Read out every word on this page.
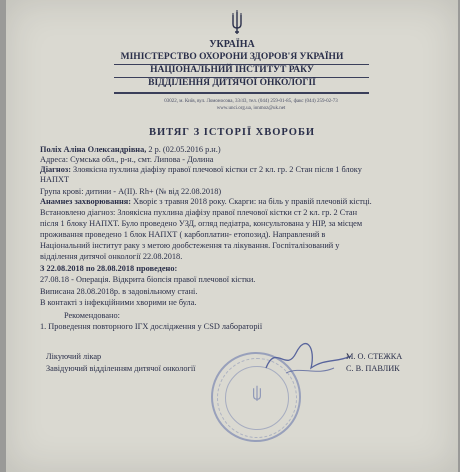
УКРАЇНА
МІНІСТЕРСТВО ОХОРОНИ ЗДОРОВ'Я УКРАЇНИ
НАЦІОНАЛЬНИЙ ІНСТИТУТ РАКУ
ВІДДІЛЕННЯ ДИТЯЧОЇ ОНКОЛОГІЇ
03022, м. Київ, вул. Ломоносова, 33/43, тел. (044) 259-01-85, факс (044) 259-02-73
www.unci.org.ua, ionmoz@uk.net
ВИТЯГ З ІСТОРІЇ ХВОРОБИ
Поліх Аліна Олександрівна, 2 р. (02.05.2016 р.н.)
Адреса: Сумська обл., р-н., смт. Липова - Долина
Діагноз: Злоякісна пухлина діафізу правої плечової кістки ст 2 кл. гр. 2 Стан після 1 блоку
НАПХТ
Група крові: дитини - А(ІІ). Rh+ (№ від 22.08.2018)
Анамнез захворювання: Хворіє з травня 2018 року. Скарги: на біль у правій плечовій кістці.
Встановлено діагноз: Злоякісна пухлина діафізу правої плечової кістки ст 2 кл. гр. 2 Стан
після 1 блоку НАПХТ. Було проведено УЗД, огляд педіатра, консультована у НІР, за місцем
проживання проведено 1 блок НАПХТ ( карбоплатин- етопозид). Направлений в
Національний інститут раку з метою дообстеження та лікування. Госпіталізований у
відділення дитячої онкології 22.08.2018.
З 22.08.2018 по 28.08.2018 проведено:
27.08.18 - Операція. Відкрита біопсія правої плечової кістки.
Виписана 28.08.2018р. в задовільному стані.
В контакті з інфекційними хворими не була.
Рекомендовано:
1. Проведення повторного ІГХ дослідження у CSD лабораторії
Лікуючий лікар	М. О. СТЕЖКА
Завідуючий відділенням дитячої онкології	С. В. ПАВЛИК
